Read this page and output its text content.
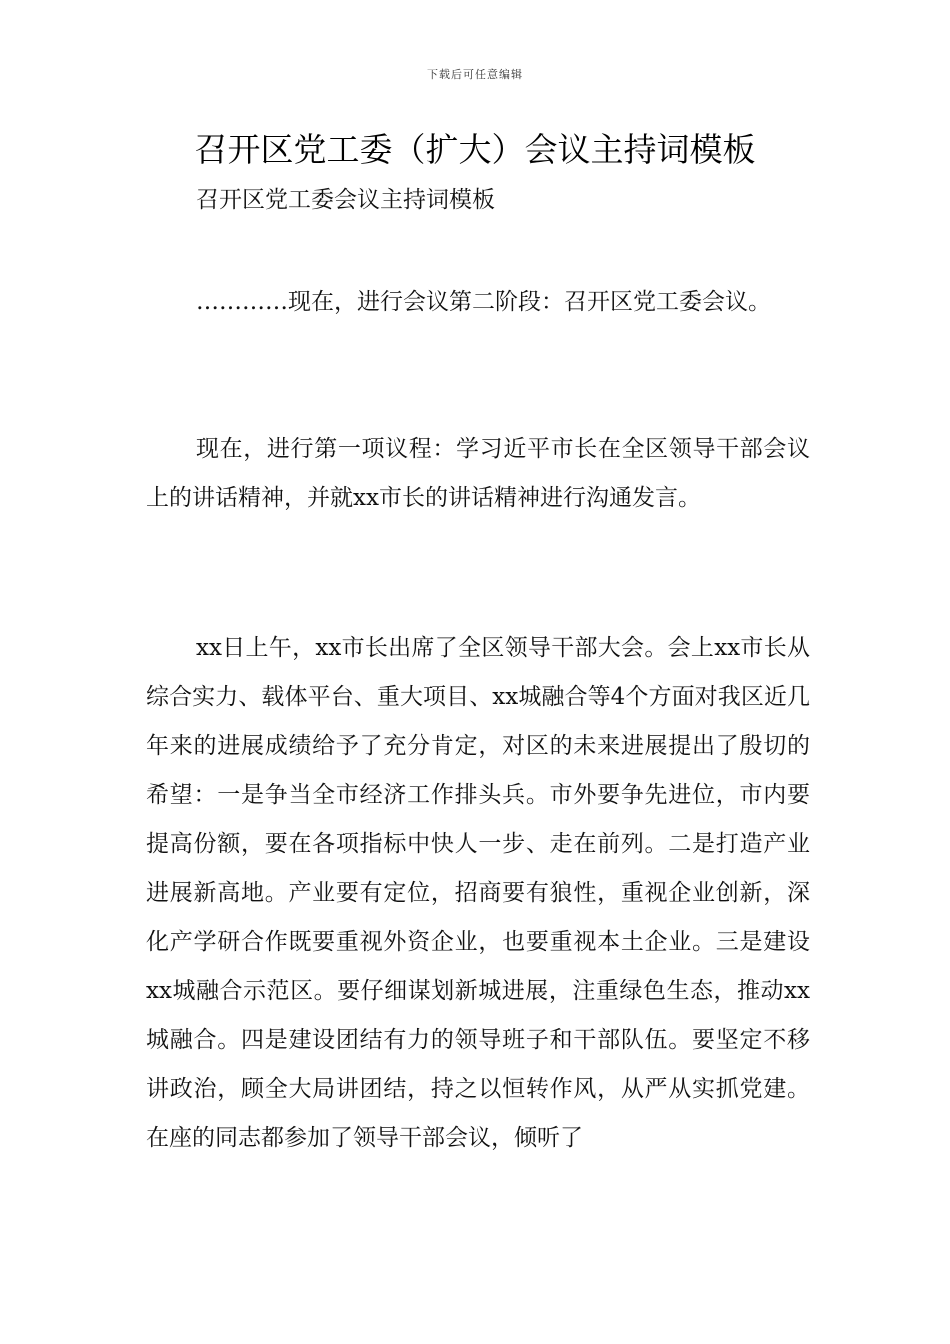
下载后可任意编辑
召开区党工委（扩大）会议主持词模板
召开区党工委会议主持词模板

…………现在，进行会议第二阶段：召开区党工委会议。

现在，进行第一项议程：学习近平市长在全区领导干部会议上的讲话精神，并就xx市长的讲话精神进行沟通发言。

xx日上午，xx市长出席了全区领导干部大会。会上xx市长从综合实力、载体平台、重大项目、xx城融合等4个方面对我区近几年来的进展成绩给予了充分肯定，对区的未来进展提出了殷切的希望：一是争当全市经济工作排头兵。市外要争先进位，市内要提高份额，要在各项指标中快人一步、走在前列。二是打造产业进展新高地。产业要有定位，招商要有狼性，重视企业创新，深化产学研合作既要重视外资企业，也要重视本土企业。三是建设xx城融合示范区。要仔细谋划新城进展，注重绿色生态，推动xx城融合。四是建设团结有力的领导班子和干部队伍。要坚定不移讲政治，顾全大局讲团结，持之以恒转作风，从严从实抓党建。在座的同志都参加了领导干部会议，倾听了
